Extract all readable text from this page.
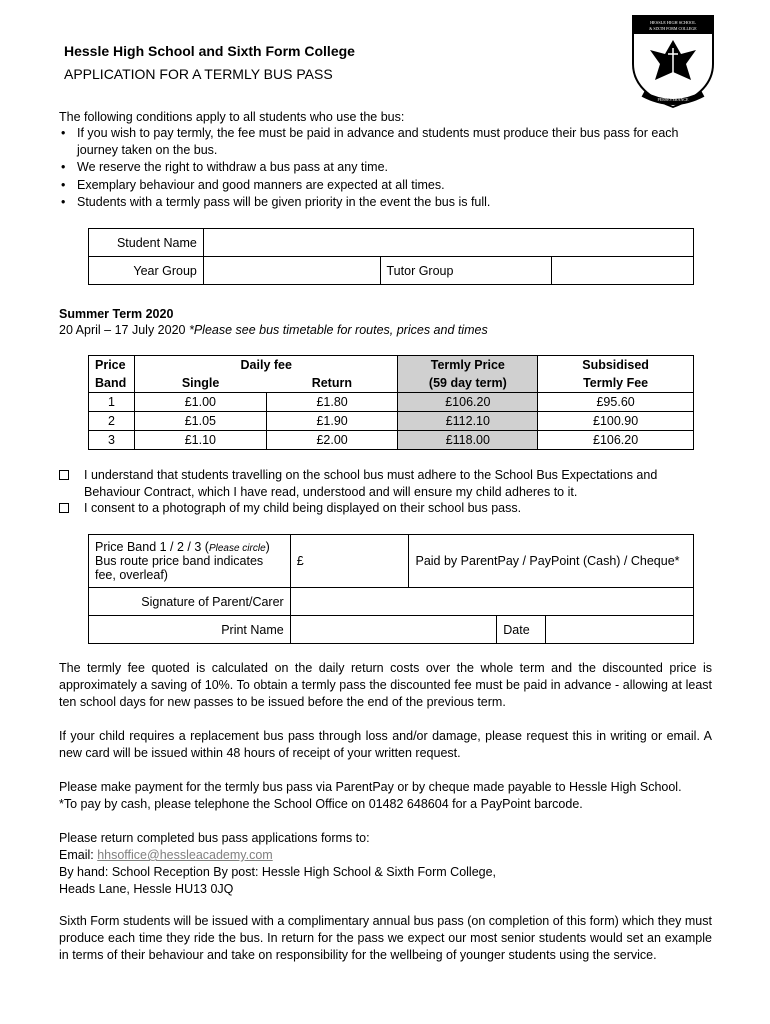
Hessle High School and Sixth Form College
APPLICATION FOR A TERMLY BUS PASS
HESSLE HIGH SCHOOL
& SIXTH FORM COLLEGE
PERSEVERANCE
The following conditions apply to all students who use the bus:
• If you wish to pay termly, the fee must be paid in advance and students must produce their bus pass for each journey taken on the bus.
• We reserve the right to withdraw a bus pass at any time.
• Exemplary behaviour and good manners are expected at all times.
• Students with a termly pass will be given priority in the event the bus is full.
Student Name			
Year Group		Tutor Group	
Summer Term 2020
20 April – 17 July 2020 *Please see bus timetable for routes, prices and times
Price	Daily fee		Termly Price	Subsidised
Band	Single	Return	(59 day term)	Termly Fee
1	£1.00	£1.80	£106.20	£95.60
2	£1.05	£1.90	£112.10	£100.90
3	£1.10	£2.00	£118.00	£106.20
I understand that students travelling on the school bus must adhere to the School Bus Expectations and Behaviour Contract, which I have read, understood and will ensure my child adheres to it.
I consent to a photograph of my child being displayed on their school bus pass.
Price Band 1 / 2 / 3 (Please circle)
Bus route price band indicates fee, overleaf)	£	Paid by ParentPay / PayPoint (Cash) / Cheque*		
Signature of Parent/Carer				
Print Name			Date	
The termly fee quoted is calculated on the daily return costs over the whole term and the discounted price is approximately a saving of 10%. To obtain a termly pass the discounted fee must be paid in advance - allowing at least ten school days for new passes to be issued before the end of the previous term.
If your child requires a replacement bus pass through loss and/or damage, please request this in writing or email. A new card will be issued within 48 hours of receipt of your written request.
Please make payment for the termly bus pass via ParentPay or by cheque made payable to Hessle High School.
*To pay by cash, please telephone the School Office on 01482 648604 for a PayPoint barcode.
Please return completed bus pass applications forms to:
Email: hhsoffice@hessleacademy.com
By hand: School Reception By post: Hessle High School & Sixth Form College,
Heads Lane, Hessle HU13 0JQ
Sixth Form students will be issued with a complimentary annual bus pass (on completion of this form) which they must produce each time they ride the bus. In return for the pass we expect our most senior students would set an example in terms of their behaviour and take on responsibility for the wellbeing of younger students using the service.
